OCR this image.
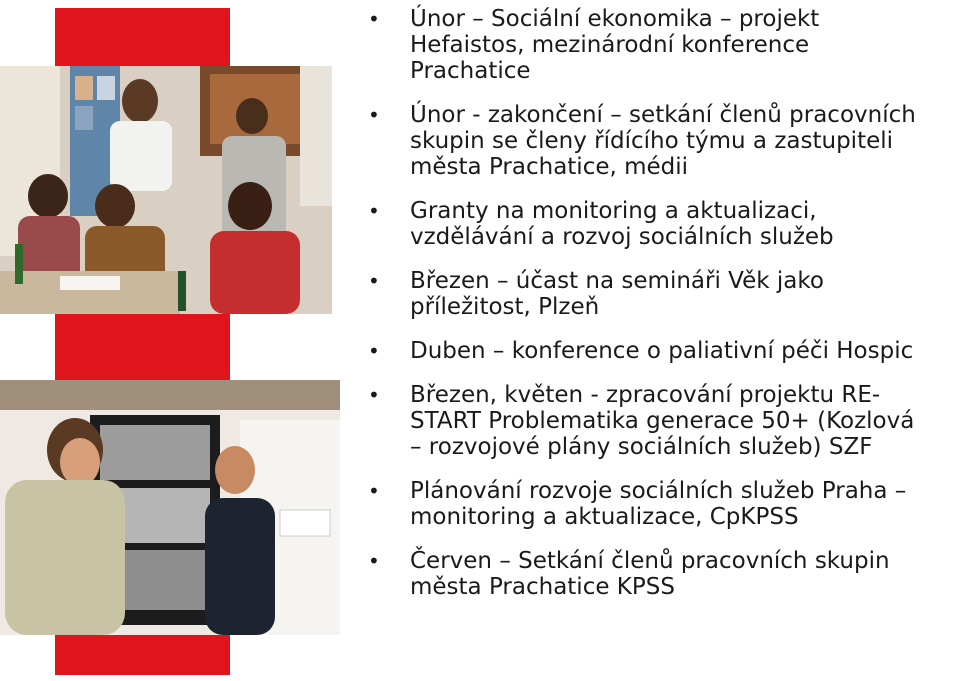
• Únor – Sociální ekonomika – projekt
Hefaistos, mezinárodní konference
Prachatice
• Únor - zakončení – setkání členů pracovních
skupin se členy řídícího týmu a zastupiteli
města Prachatice, médii
• Granty na monitoring a aktualizaci,
vzdělávání a rozvoj sociálních služeb
• Březen – účast na semináři Věk jako
příležitost, Plzeň
• Duben – konference o paliativní péči Hospic
• Březen, květen - zpracování projektu RE-
START Problematika generace 50+ (Kozlová
– rozvojové plány sociálních služeb) SZF
• Plánování rozvoje sociálních služeb Praha –
monitoring a aktualizace, CpKPSS
• Červen – Setkání členů pracovních skupin
města Prachatice KPSS
